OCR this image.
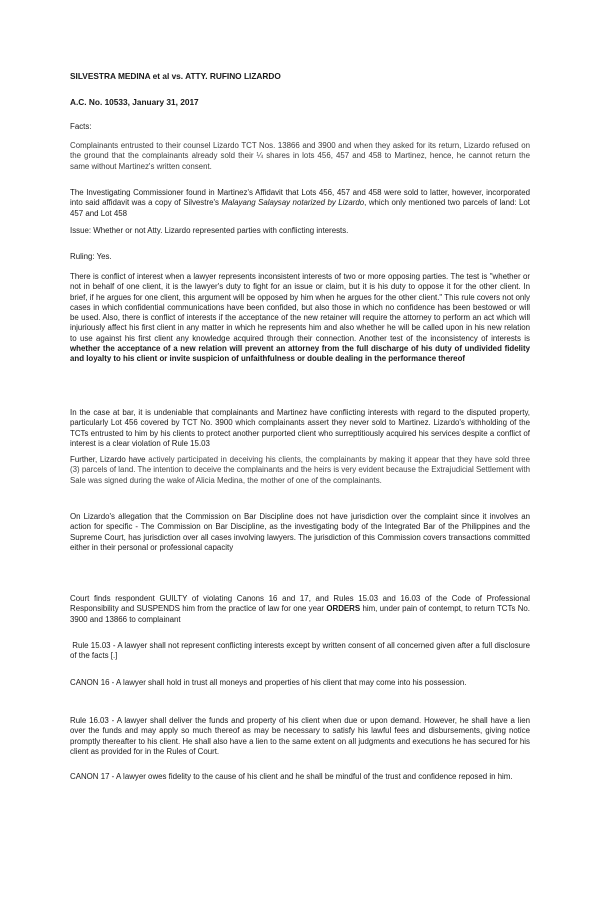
SILVESTRA MEDINA et al vs. ATTY. RUFINO LIZARDO

A.C. No. 10533, January 31, 2017

Facts:

Complainants entrusted to their counsel Lizardo TCT Nos. 13866 and 3900 and when they asked for its return, Lizardo refused on the ground that the complainants already sold their ¼ shares in lots 456, 457 and 458 to Martinez, hence, he cannot return the same without Martinez's written consent.

The Investigating Commissioner found in Martinez's Affidavit that Lots 456, 457 and 458 were sold to latter, however, incorporated into said affidavit was a copy of Silvestre's Malayang Salaysay notarized by Lizardo, which only mentioned two parcels of land: Lot 457 and Lot 458

Issue: Whether or not Atty. Lizardo represented parties with conflicting interests.

Ruling: Yes.

There is conflict of interest when a lawyer represents inconsistent interests of two or more opposing parties. The test is "whether or not in behalf of one client, it is the lawyer's duty to fight for an issue or claim, but it is his duty to oppose it for the other client. In brief, if he argues for one client, this argument will be opposed by him when he argues for the other client." This rule covers not only cases in which confidential communications have been confided, but also those in which no confidence has been bestowed or will be used. Also, there is conflict of interests if the acceptance of the new retainer will require the attorney to perform an act which will injuriously affect his first client in any matter in which he represents him and also whether he will be called upon in his new relation to use against his first client any knowledge acquired through their connection. Another test of the inconsistency of interests is whether the acceptance of a new relation will prevent an attorney from the full discharge of his duty of undivided fidelity and loyalty to his client or invite suspicion of unfaithfulness or double dealing in the performance thereof

In the case at bar, it is undeniable that complainants and Martinez have conflicting interests with regard to the disputed property, particularly Lot 456 covered by TCT No. 3900 which complainants assert they never sold to Martinez. Lizardo's withholding of the TCTs entrusted to him by his clients to protect another purported client who surreptitiously acquired his services despite a conflict of interest is a clear violation of Rule 15.03

Further, Lizardo have actively participated in deceiving his clients, the complainants by making it appear that they have sold three (3) parcels of land. The intention to deceive the complainants and the heirs is very evident because the Extrajudicial Settlement with Sale was signed during the wake of Alicia Medina, the mother of one of the complainants.

On Lizardo's allegation that the Commission on Bar Discipline does not have jurisdiction over the complaint since it involves an action for specific - The Commission on Bar Discipline, as the investigating body of the Integrated Bar of the Philippines and the Supreme Court, has jurisdiction over all cases involving lawyers. The jurisdiction of this Commission covers transactions committed either in their personal or professional capacity

Court finds respondent GUILTY of violating Canons 16 and 17, and Rules 15.03 and 16.03 of the Code of Professional Responsibility and SUSPENDS him from the practice of law for one year ORDERS him, under pain of contempt, to return TCTs No. 3900 and 13866 to complainant

Rule 15.03 - A lawyer shall not represent conflicting interests except by written consent of all concerned given after a full disclosure of the facts [.]

CANON 16 - A lawyer shall hold in trust all moneys and properties of his client that may come into his possession.

Rule 16.03 - A lawyer shall deliver the funds and property of his client when due or upon demand. However, he shall have a lien over the funds and may apply so much thereof as may be necessary to satisfy his lawful fees and disbursements, giving notice promptly thereafter to his client. He shall also have a lien to the same extent on all judgments and executions he has secured for his client as provided for in the Rules of Court.

CANON 17 - A lawyer owes fidelity to the cause of his client and he shall be mindful of the trust and confidence reposed in him.
